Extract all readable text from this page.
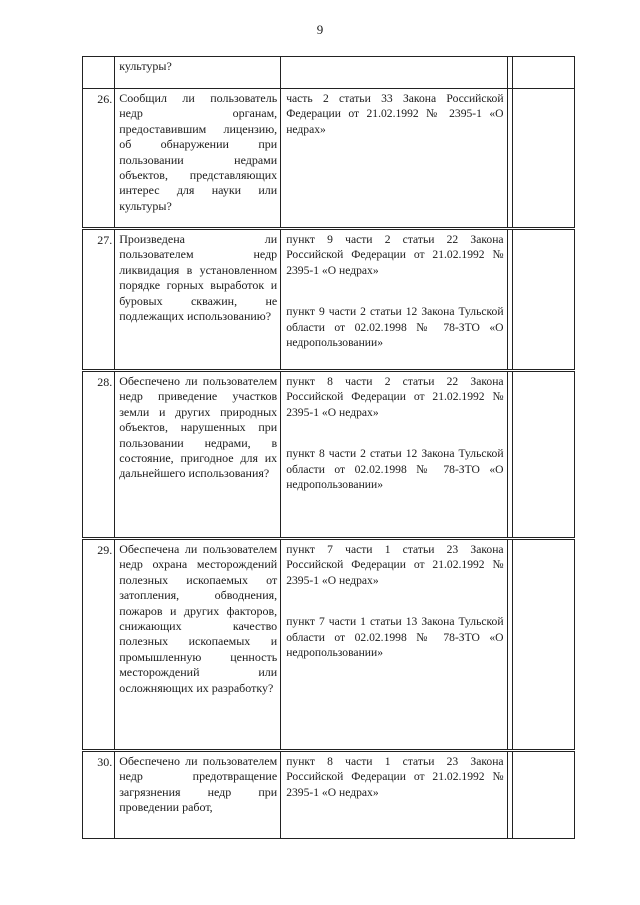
9

	культуры?			

26.	Сообщил ли пользователь недр органам, предоставившим лицензию, об обнаружении при пользовании недрами объектов, представляющих интерес для науки или культуры?	часть 2 статьи 33 Закона Российской Федерации от 21.02.1992 № 2395-1 «О недрах»		

27.	Произведена ли пользователем недр ликвидация в установленном порядке горных выработок и буровых скважин, не подлежащих использованию?	пункт 9 части 2 статьи 22 Закона Российской Федерации от 21.02.1992 № 2395-1 «О недрах»
пункт 9 части 2 статьи 12 Закона Тульской области от 02.02.1998 № 78-ЗТО «О недропользовании»		

28.	Обеспечено ли пользователем недр приведение участков земли и других природных объектов, нарушенных при пользовании недрами, в состояние, пригодное для их дальнейшего использования?	пункт 8 части 2 статьи 22 Закона Российской Федерации от 21.02.1992 № 2395-1 «О недрах»
пункт 8 части 2 статьи 12 Закона Тульской области от 02.02.1998 № 78-ЗТО «О недропользовании»		

29.	Обеспечена ли пользователем недр охрана месторождений полезных ископаемых от затопления, обводнения, пожаров и других факторов, снижающих качество полезных ископаемых и промышленную ценность месторождений или осложняющих их разработку?	пункт 7 части 1 статьи 23 Закона Российской Федерации от 21.02.1992 № 2395-1 «О недрах»
пункт 7 части 1 статьи 13 Закона Тульской области от 02.02.1998 № 78-ЗТО «О недропользовании»		

30.	Обеспечено ли пользователем недр предотвращение загрязнения недр при проведении работ,	пункт 8 части 1 статьи 23 Закона Российской Федерации от 21.02.1992 № 2395-1 «О недрах»		
